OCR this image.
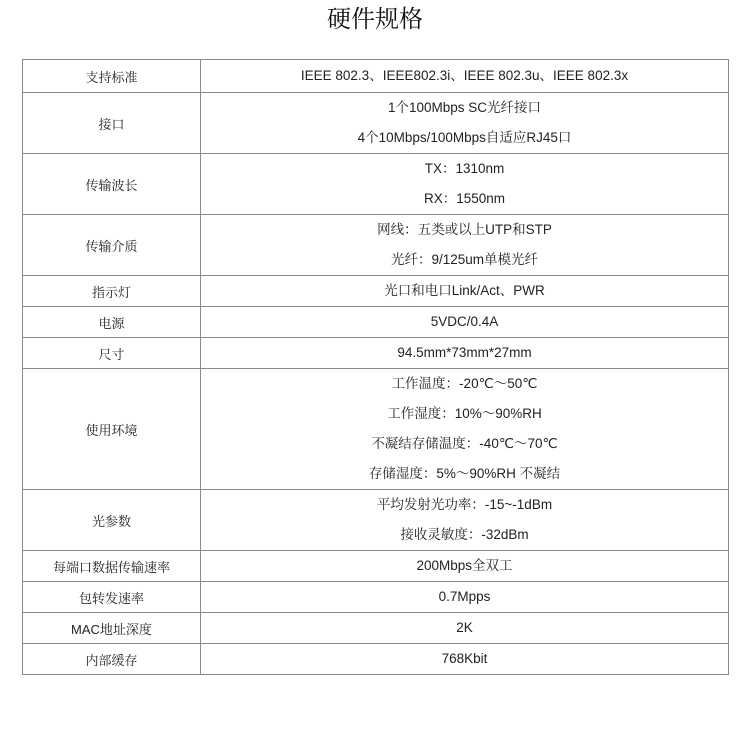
硬件规格
支持标准	IEEE 802.3、IEEE802.3i、IEEE 802.3u、IEEE 802.3x

接口	1个100Mbps SC光纤接口
4个10Mbps/100Mbps自适应RJ45口

传输波长	TX：1310nm
RX：1550nm

传输介质	网线：五类或以上UTP和STP
光纤：9/125um单模光纤

指示灯	光口和电口Link/Act、PWR

电源	5VDC/0.4A

尺寸	94.5mm*73mm*27mm

使用环境	工作温度：-20℃～50℃
工作湿度：10%～90%RH
不凝结存储温度：-40℃～70℃
存储湿度：5%～90%RH 不凝结

光参数	平均发射光功率：-15~-1dBm
接收灵敏度：-32dBm

每端口数据传输速率	200Mbps全双工

包转发速率	0.7Mpps

MAC地址深度	2K

内部缓存	768Kbit
